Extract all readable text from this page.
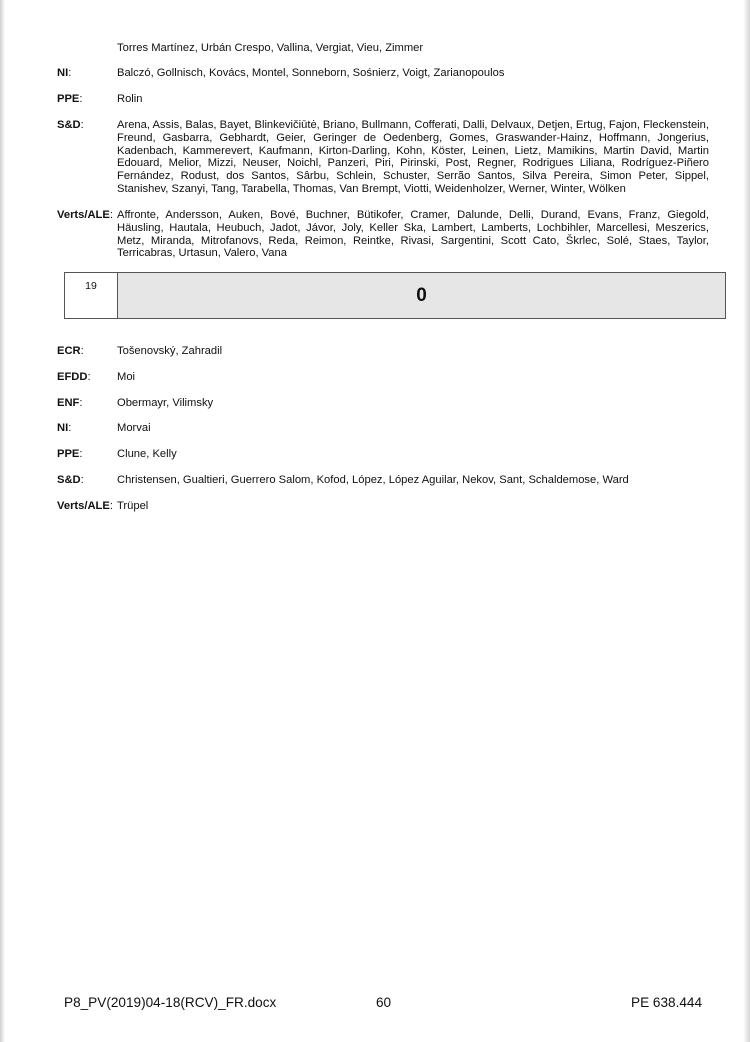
Torres Martínez, Urbán Crespo, Vallina, Vergiat, Vieu, Zimmer
NI:	Balczó, Gollnisch, Kovács, Montel, Sonneborn, Sośnierz, Voigt, Zarianopoulos
PPE:	Rolin
S&D:	Arena, Assis, Balas, Bayet, Blinkevičiūtė, Briano, Bullmann, Cofferati, Dalli, Delvaux, Detjen, Ertug, Fajon, Fleckenstein, Freund, Gasbarra, Gebhardt, Geier, Geringer de Oedenberg, Gomes, Graswander-Hainz, Hoffmann, Jongerius, Kadenbach, Kammerevert, Kaufmann, Kirton-Darling, Kohn, Köster, Leinen, Lietz, Mamikins, Martin David, Martin Edouard, Melior, Mizzi, Neuser, Noichl, Panzeri, Piri, Pirinski, Post, Regner, Rodrigues Liliana, Rodríguez-Piñero Fernández, Rodust, dos Santos, Sârbu, Schlein, Schuster, Serrão Santos, Silva Pereira, Simon Peter, Sippel, Stanishev, Szanyi, Tang, Tarabella, Thomas, Van Brempt, Viotti, Weidenholzer, Werner, Winter, Wölken
Verts/ALE: Affronte, Andersson, Auken, Bové, Buchner, Bütikofer, Cramer, Dalunde, Delli, Durand, Evans, Franz, Giegold, Häusling, Hautala, Heubuch, Jadot, Jávor, Joly, Keller Ska, Lambert, Lamberts, Lochbihler, Marcellesi, Meszerics, Metz, Miranda, Mitrofanovs, Reda, Reimon, Reintke, Rivasi, Sargentini, Scott Cato, Škrlec, Solé, Staes, Taylor, Terricabras, Urtasun, Valero, Vana
19	0
ECR:	Tošenovský, Zahradil
EFDD:	Moi
ENF:	Obermayr, Vilimsky
NI:	Morvai
PPE:	Clune, Kelly
S&D:	Christensen, Gualtieri, Guerrero Salom, Kofod, López, López Aguilar, Nekov, Sant, Schaldemose, Ward
Verts/ALE: Trüpel
P8_PV(2019)04-18(RCV)_FR.docx	60	PE 638.444
